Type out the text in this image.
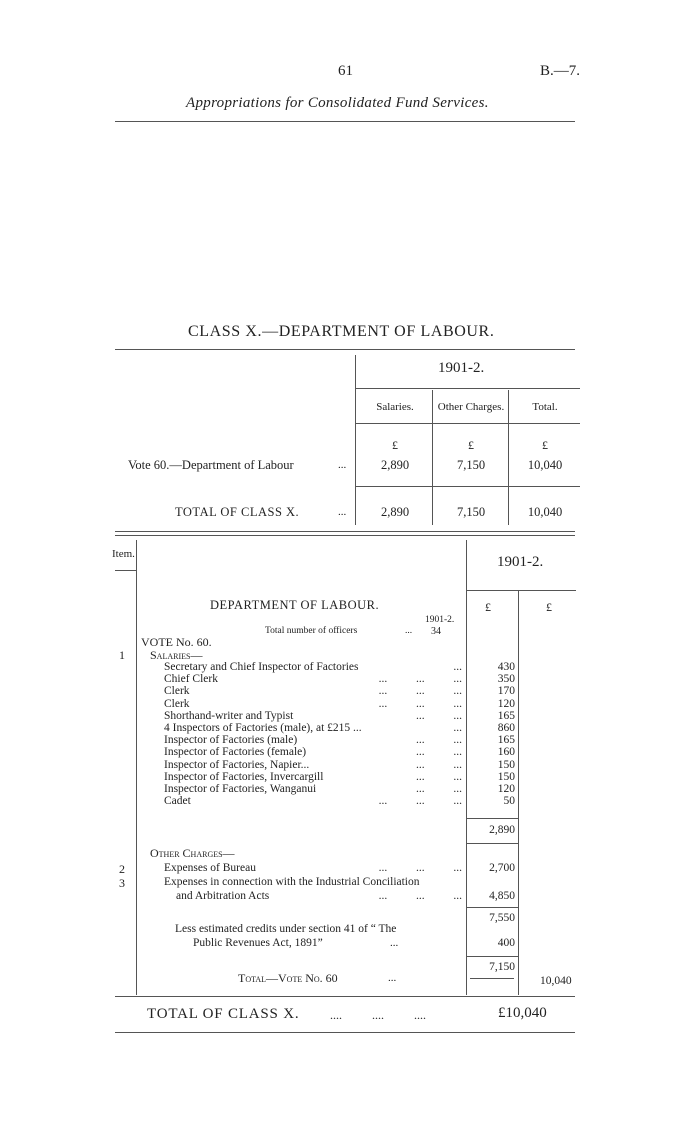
61	B.—7.
Appropriations for Consolidated Fund Services.
CLASS X.—DEPARTMENT OF LABOUR.
1901-2.
Salaries.	Other Charges.	Total.
£	£	£
Vote 60.—Department of Labour	...	2,890	7,150	10,040
TOTAL OF CLASS X.	...	2,890	7,150	10,040
Item.	1901-2.
£	£
DEPARTMENT OF LABOUR.
1901-2.
Total number of officers	... 34
VOTE No. 60.
1 Salaries—
Secretary and Chief Inspector of Factories	...	430
Chief Clerk	...          ...          ...	350
Clerk	...          ...          ...	170
Clerk	...          ...          ...	120
Shorthand-writer and Typist	...          ...	165
4 Inspectors of Factories (male), at £215 ...	...	860
Inspector of Factories (male)	...          ...	165
Inspector of Factories (female)	...          ...	160
Inspector of Factories, Napier...	...          ...	150
Inspector of Factories, Invercargill	...          ...	150
Inspector of Factories, Wanganui	...          ...	120
Cadet	...          ...          ...	50
2,890
Other Charges—
2	Expenses of Bureau	...          ...          ...	2,700
3	Expenses in connection with the Industrial Conciliation
and Arbitration Acts	...          ...          ...	4,850
7,550
Less estimated credits under section 41 of “ The
Public Revenues Act, 1891”	...	400
7,150
Total—Vote No. 60	...	10,040
TOTAL OF CLASS X.	....          ....          ....	£10,040
